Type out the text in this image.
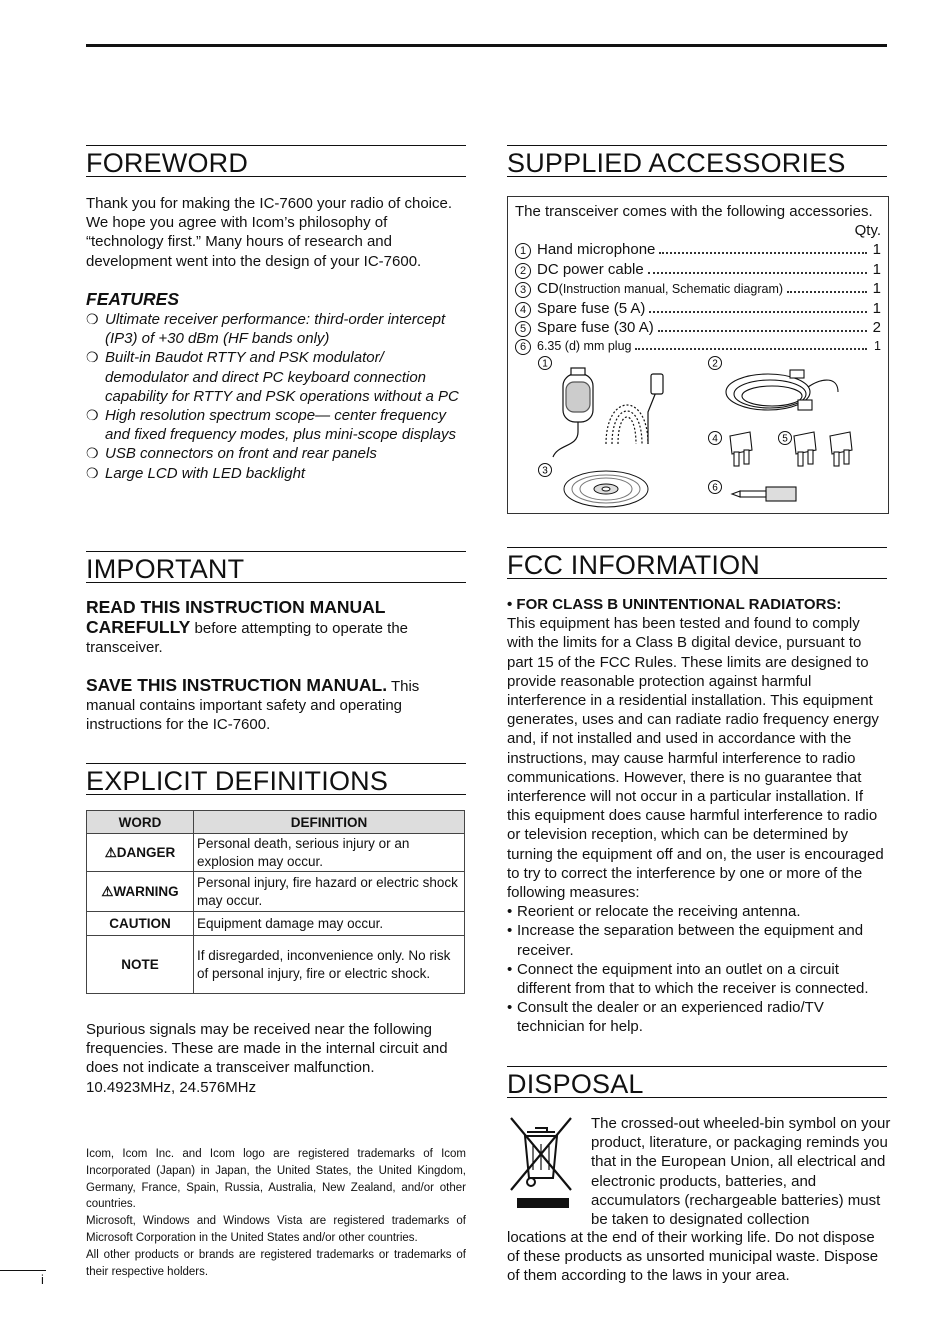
FOREWORD

Thank you for making the IC-7600 your radio of choice. We hope you agree with Icom’s philosophy of “technology first.” Many hours of research and development went into the design of your IC-7600.

FEATURES

❍ Ultimate receiver performance: third-order intercept (IP3) of +30 dBm (HF bands only)
❍ Built-in Baudot RTTY and PSK modulator/ demodulator and direct PC keyboard connection capability for RTTY and PSK operations without a PC
❍ High resolution spectrum scope— center frequency and fixed frequency modes, plus mini-scope displays
❍ USB connectors on front and rear panels
❍ Large LCD with LED backlight
IMPORTANT

READ THIS INSTRUCTION MANUAL CAREFULLY before attempting to operate the transceiver.

SAVE THIS INSTRUCTION MANUAL. This manual contains important safety and operating instructions for the IC-7600.

EXPLICIT DEFINITIONS
WORD	DEFINITION
⚠DANGER	Personal death, serious injury or an explosion may occur.
⚠WARNING	Personal injury, fire hazard or electric shock may occur.
CAUTION	Equipment damage may occur.
NOTE	If disregarded, inconvenience only. No risk of personal injury, fire or electric shock.

Spurious signals may be received near the following frequencies. These are made in the internal circuit and does not indicate a transceiver malfunction.

10.4923MHz, 24.576MHz

Icom, Icom Inc. and Icom logo are registered trademarks of Icom Incorporated (Japan) in Japan, the United States, the United Kingdom, Germany, France, Spain, Russia, Australia, New Zealand, and/or other countries.

Microsoft, Windows and Windows Vista are registered trademarks of Microsoft Corporation in the United States and/or other countries.

All other products or brands are registered trademarks or trademarks of their respective holders.

i
SUPPLIED ACCESSORIES
The transceiver comes with the following accessories.
Qty.
1 Hand microphone	1
2 DC power cable	1
3 CD (Instruction manual, Schematic diagram)	1
4 Spare fuse (5 A)	1
5 Spare fuse (30 A)	2
6 6.35 (d) mm plug	1
1	2
3
4	5
6
FCC INFORMATION

• FOR CLASS B UNINTENTIONAL RADIATORS:

This equipment has been tested and found to comply with the limits for a Class B digital device, pursuant to part 15 of the FCC Rules. These limits are designed to provide reasonable protection against harmful interference in a residential installation. This equipment generates, uses and can radiate radio frequency energy and, if not installed and used in accordance with the instructions, may cause harmful interference to radio communications. However, there is no guarantee that interference will not occur in a particular installation. If this equipment does cause harmful interference to radio or television reception, which can be determined by turning the equipment off and on, the user is encouraged to try to correct the interference by one or more of the following measures:

• Reorient or relocate the receiving antenna.
• Increase the separation between the equipment and receiver.
• Connect the equipment into an outlet on a circuit different from that to which the receiver is connected.
• Consult the dealer or an experienced radio/TV technician for help.
DISPOSAL

The crossed-out wheeled-bin symbol on your product, literature, or packaging reminds you that in the European Union, all electrical and electronic products, batteries, and accumulators (rechargeable batteries) must be taken to designated collection

locations at the end of their working life. Do not dispose of these products as unsorted municipal waste. Dispose of them according to the laws in your area.
